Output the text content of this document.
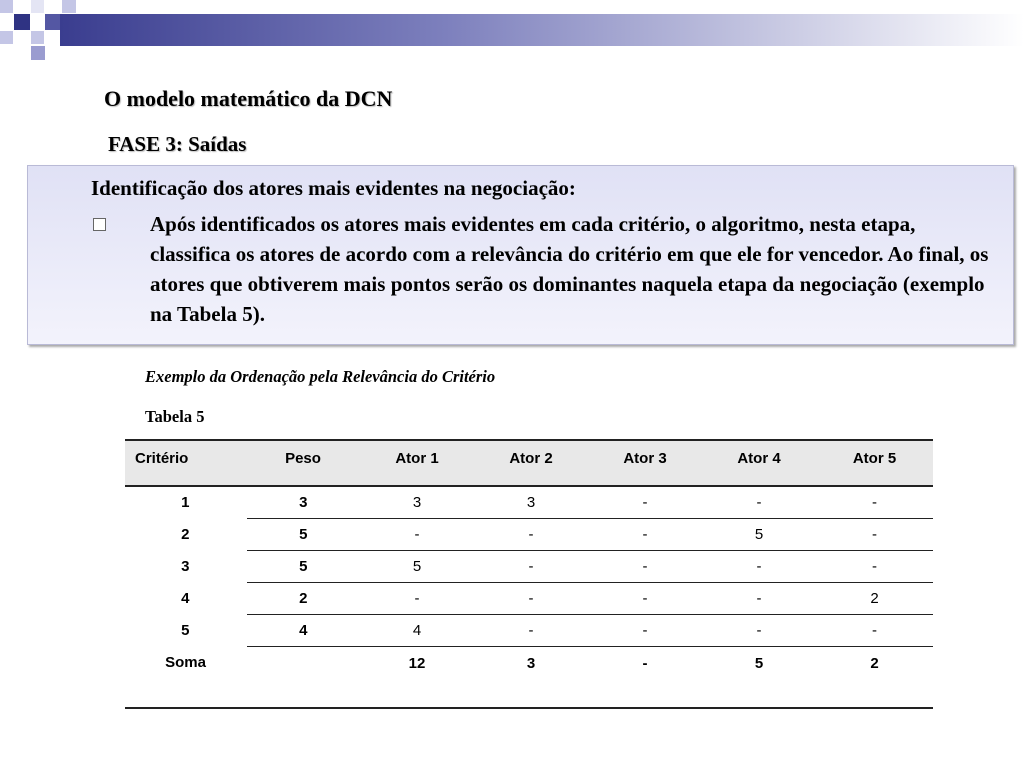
O modelo matemático da DCN
FASE 3: Saídas
Identificação dos atores mais evidentes na negociação:
Após identificados os atores mais evidentes em cada critério, o algoritmo, nesta etapa, classifica os atores de acordo com a relevância do critério em que ele for vencedor. Ao final, os atores que obtiverem mais pontos serão os dominantes naquela etapa da negociação (exemplo na Tabela 5).
Exemplo da Ordenação pela Relevância do Critério
Tabela 5
Critério	Peso	Ator 1	Ator 2	Ator 3	Ator 4	Ator 5
1	3	3	3	-	-	-
2	5	-	-	-	5	-
3	5	5	-	-	-	-
4	2	-	-	-	-	2
5	4	4	-	-	-	-
Soma		12	3	-	5	2
